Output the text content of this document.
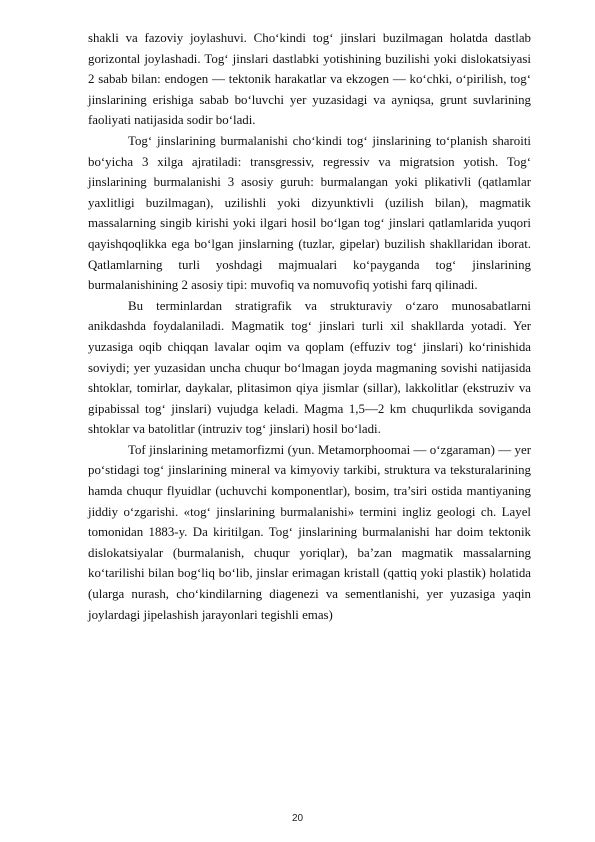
shakli va fazoviy joylashuvi. Cho‘kindi tog‘ jinslari buzilmagan holatda dastlab gorizontal joylashadi. Tog‘ jinslari dastlabki yotishining buzilishi yoki dislokatsiyasi 2 sabab bilan: endogen — tektonik harakatlar va ekzogen — ko‘chki, o‘pirilish, tog‘ jinslarining erishiga sabab bo‘luvchi yer yuzasidagi va ayniqsa, grunt suvlarining faoliyati natijasida sodir bo‘ladi.

Tog‘ jinslarining burmalanishi cho‘kindi tog‘ jinslarining to‘planish sharoiti bo‘yicha 3 xilga ajratiladi: transgressiv, regressiv va migratsion yotish. Tog‘ jinslarining burmalanishi 3 asosiy guruh: burmalangan yoki plikativli (qatlamlar yaxlitligi buzilmagan), uzilishli yoki dizyunktivli (uzilish bilan), magmatik massalarning singib kirishi yoki ilgari hosil bo‘lgan tog‘ jinslari qatlamlarida yuqori qayishqoqlikka ega bo‘lgan jinslarning (tuzlar, gipelar) buzilish shakllaridan iborat. Qatlamlarning turli yoshdagi majmualari ko‘payganda tog‘ jinslarining burmalanishining 2 asosiy tipi: muvofiq va nomuvofiq yotishi farq qilinadi.

Bu terminlardan stratigrafik va strukturaviy o‘zaro munosabatlarni anikdashda foydalaniladi. Magmatik tog‘ jinslari turli xil shakllarda yotadi. Yer yuzasiga oqib chiqqan lavalar oqim va qoplam (effuziv tog‘ jinslari) ko‘rinishida soviydi; yer yuzasidan uncha chuqur bo‘lmagan joyda magmaning sovishi natijasida shtoklar, tomirlar, daykalar, plitasimon qiya jismlar (sillar), lakkolitlar (ekstruziv va gipabissal tog‘ jinslari) vujudga keladi. Magma 1,5—2 km chuqurlikda soviganda shtoklar va batolitlar (intruziv tog‘ jinslari) hosil bo‘ladi.

Tof jinslarining metamorfizmi (yun. Metamorphoomai — o‘zgaraman) — yer po‘stidagi tog‘ jinslarining mineral va kimyoviy tarkibi, struktura va teksturalarining hamda chuqur flyuidlar (uchuvchi komponentlar), bosim, tra’siri ostida mantiyaning jiddiy o‘zgarishi. «tog‘ jinslarining burmalanishi» termini ingliz geologi ch. Layel tomonidan 1883-y. Da kiritilgan. Tog‘ jinslarining burmalanishi har doim tektonik dislokatsiyalar (burmalanish, chuqur yoriqlar), ba’zan magmatik massalarning ko‘tarilishi bilan bog‘liq bo‘lib, jinslar erimagan kristall (qattiq yoki plastik) holatida (ularga nurash, cho‘kindilarning diagenezi va sementlanishi, yer yuzasiga yaqin joylardagi jipelashish jarayonlari tegishli emas)

20
